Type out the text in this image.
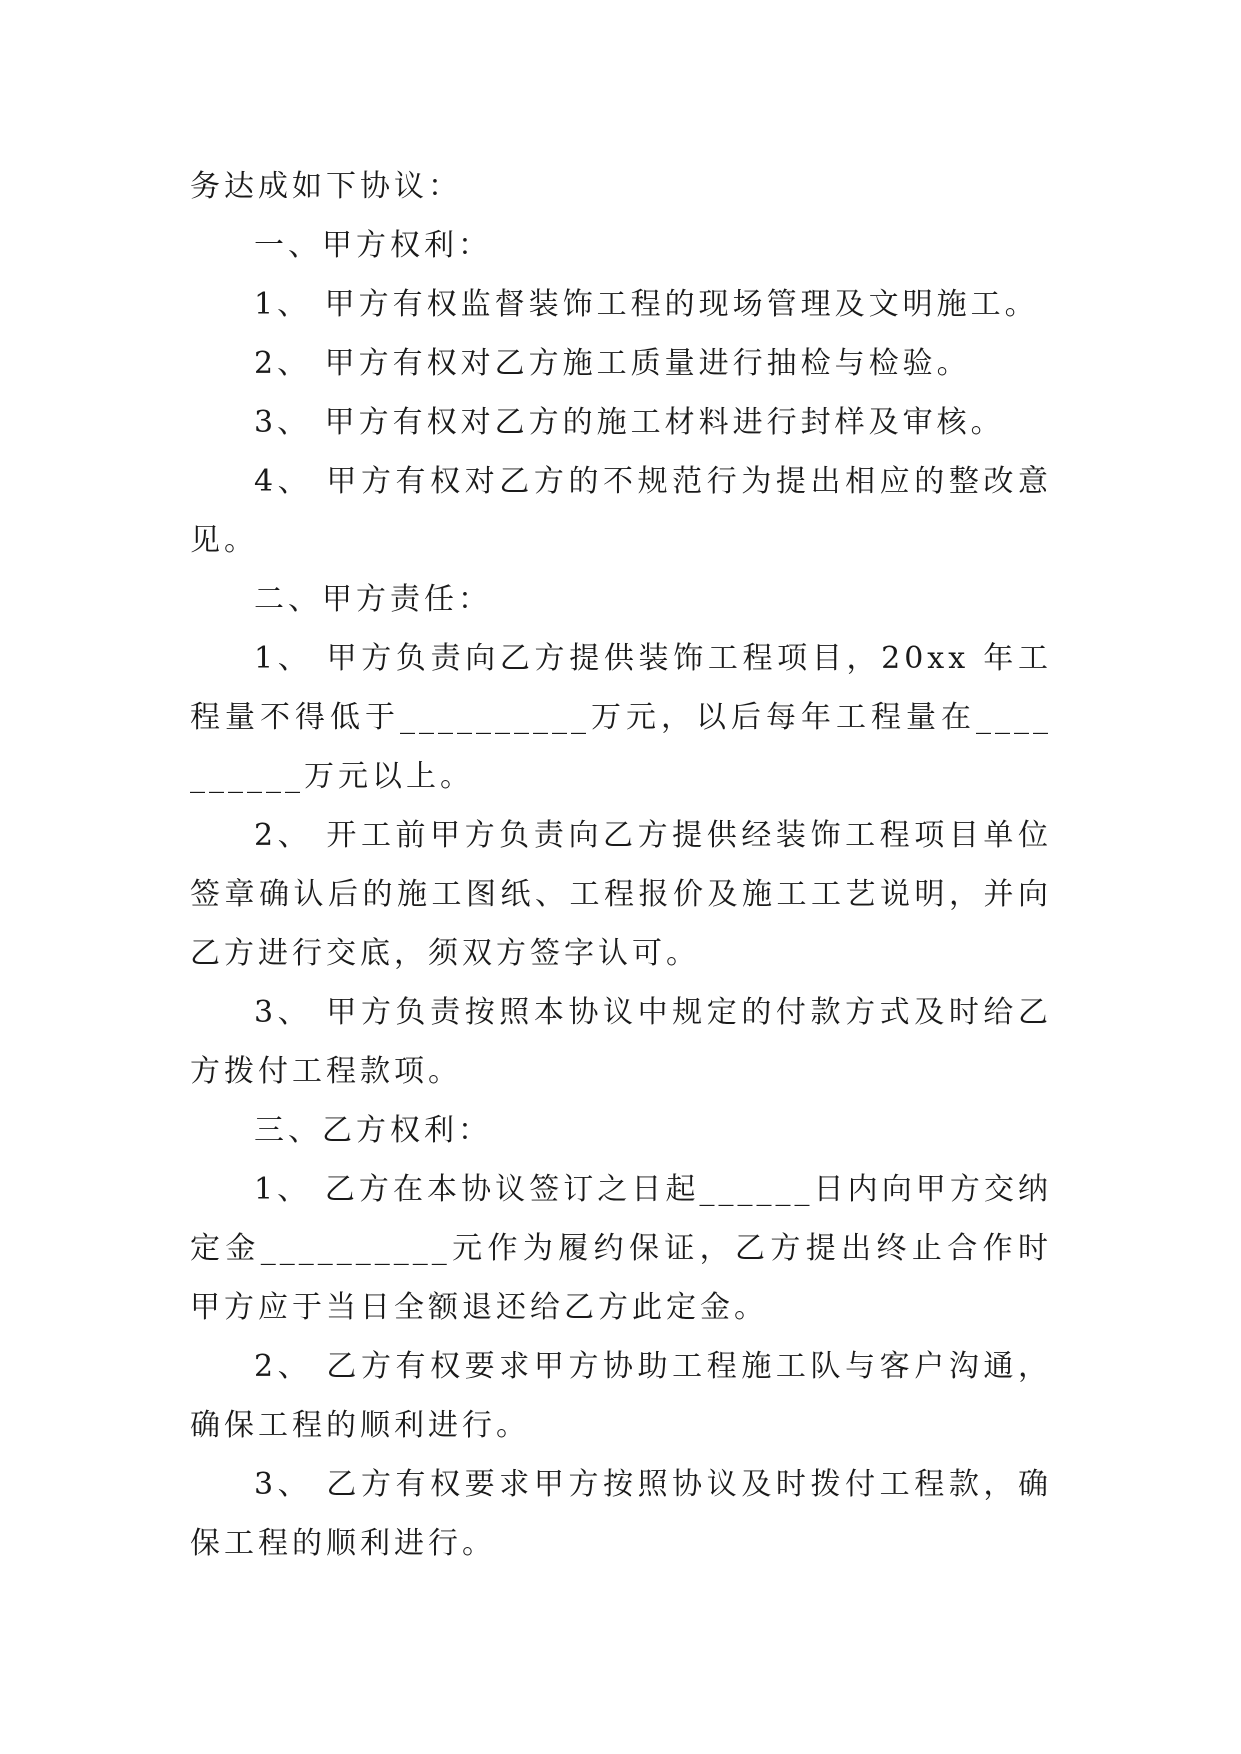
务达成如下协议：

一、甲方权利：

1、 甲方有权监督装饰工程的现场管理及文明施工。

2、 甲方有权对乙方施工质量进行抽检与检验。

3、 甲方有权对乙方的施工材料进行封样及审核。

4、 甲方有权对乙方的不规范行为提出相应的整改意见。

二、甲方责任：

1、 甲方负责向乙方提供装饰工程项目，20xx 年工程量不得低于__________万元，以后每年工程量在__________万元以上。

2、 开工前甲方负责向乙方提供经装饰工程项目单位签章确认后的施工图纸、工程报价及施工工艺说明，并向乙方进行交底，须双方签字认可。

3、 甲方负责按照本协议中规定的付款方式及时给乙方拨付工程款项。

三、乙方权利：

1、 乙方在本协议签订之日起______日内向甲方交纳定金__________元作为履约保证，乙方提出终止合作时甲方应于当日全额退还给乙方此定金。

2、 乙方有权要求甲方协助工程施工队与客户沟通，确保工程的顺利进行。

3、 乙方有权要求甲方按照协议及时拨付工程款，确保工程的顺利进行。
